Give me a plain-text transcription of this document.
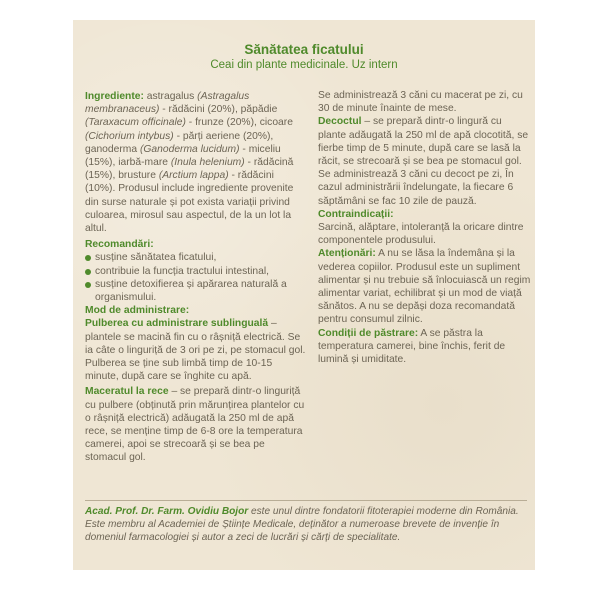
Sănătatea ficatului
Ceai din plante medicinale. Uz intern

Ingrediente: astragalus (Astragalus membranaceus) - rădăcini (20%), păpădie (Taraxacum officinale) - frunze (20%), cicoare (Cichorium intybus) - părți aeriene (20%), ganoderma (Ganoderma lucidum) - miceliu (15%), iarbă-mare (Inula helenium) - rădăcină (15%), brusture (Arctium lappa) - rădăcini (10%). Produsul include ingrediente provenite din surse naturale și pot exista variații privind culoarea, mirosul sau aspectul, de la un lot la altul.

Recomandări:

susține sănătatea ficatului,
contribuie la funcția tractului intestinal,
susține detoxifierea și apărarea naturală a organismului.

Mod de administrare:

Pulberea cu administrare sublinguală – plantele se macină fin cu o râșniță electrică. Se ia câte o linguriță de 3 ori pe zi, pe stomacul gol. Pulberea se ține sub limbă timp de 10-15 minute, după care se înghite cu apă.

Maceratul la rece – se prepară dintr-o linguriță cu pulbere (obținută prin mărunțirea plantelor cu o râșniță electrică) adăugată la 250 ml de apă rece, se menține timp de 6-8 ore la temperatura camerei, apoi se strecoară și se bea pe stomacul gol.

Se administrează 3 căni cu macerat pe zi, cu 30 de minute înainte de mese.

Decoctul – se prepară dintr-o lingură cu plante adăugată la 250 ml de apă clocotită, se fierbe timp de 5 minute, după care se lasă la răcit, se strecoară și se bea pe stomacul gol.

Se administrează 3 căni cu decoct pe zi, În cazul administrării îndelungate, la fiecare 6 săptămâni se fac 10 zile de pauză.

Contraindicații:

Sarcină, alăptare, intoleranță la oricare dintre componentele produsului.

Atenționări: A nu se lăsa la îndemâna și la vederea copiilor. Produsul este un supliment alimentar și nu trebuie să înlocuiască un regim alimentar variat, echilibrat și un mod de viață sănătos. A nu se depăși doza recomandată pentru consumul zilnic.

Condiții de păstrare: A se păstra la temperatura camerei, bine închis, ferit de lumină și umiditate.

Acad. Prof. Dr. Farm. Ovidiu Bojor este unul dintre fondatorii fitoterapiei moderne din România. Este membru al Academiei de Științe Medicale, deținător a numeroase brevete de invenție în domeniul farmacologiei și autor a zeci de lucrări și cărți de specialitate.
